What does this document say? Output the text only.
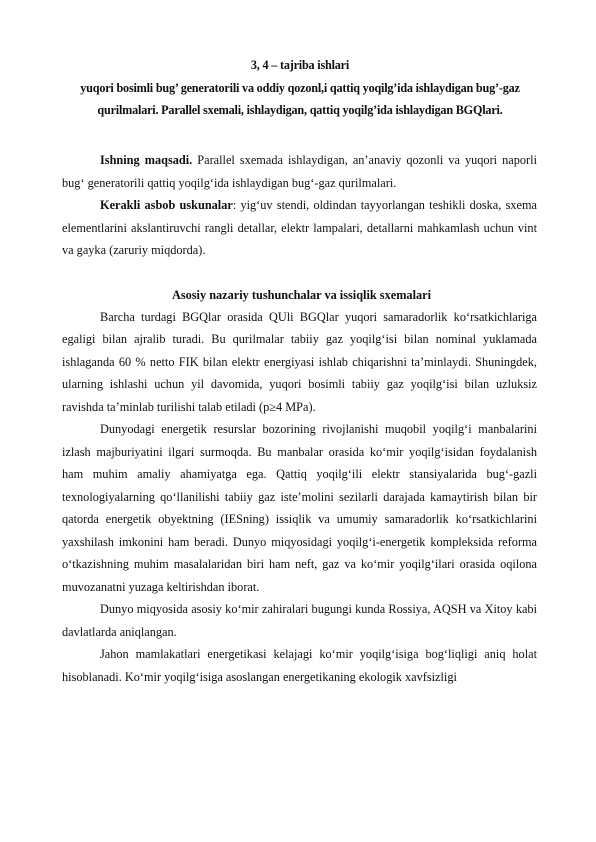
3, 4 – tajriba ishlari
yuqori bosimli bug’ generatorili va oddiy qozonl,i qattiq yoqilg’ida ishlaydigan bug’-gaz
qurilmalari. Parallel sxemali, ishlaydigan, qattiq yoqilg’ida ishlaydigan BGQlari.

Ishning maqsadi. Parallel sxemada ishlaydigan, an’anaviy qozonli va yuqori naporli bug‘ generatorili qattiq yoqilg‘ida ishlaydigan bug‘-gaz qurilmalari.

Kerakli asbob uskunalar: yig‘uv stendi, oldindan tayyorlangan teshikli doska, sxema elementlarini akslantiruvchi rangli detallar, elektr lampalari, detallarni mahkamlash uchun vint va gayka (zaruriy miqdorda).

Asosiy nazariy tushunchalar va issiqlik sxemalari

Barcha turdagi BGQlar orasida QUli BGQlar yuqori samaradorlik ko‘rsatkichlariga egaligi bilan ajralib turadi. Bu qurilmalar tabiiy gaz yoqilg‘isi bilan nominal yuklamada ishlaganda 60 % netto FIK bilan elektr energiyasi ishlab chiqarishni ta’minlaydi. Shuningdek, ularning ishlashi uchun yil davomida, yuqori bosimli tabiiy gaz yoqilg‘isi bilan uzluksiz ravishda ta’minlab turilishi talab etiladi (p≥4 MPa).

Dunyodagi energetik resurslar bozorining rivojlanishi muqobil yoqilg‘i manbalarini izlash majburiyatini ilgari surmoqda. Bu manbalar orasida ko‘mir yoqilg‘isidan foydalanish ham muhim amaliy ahamiyatga ega. Qattiq yoqilg‘ili elektr stansiyalarida bug‘-gazli texnologiyalarning qo‘llanilishi tabiiy gaz iste’molini sezilarli darajada kamaytirish bilan bir qatorda energetik obyektning (IESning) issiqlik va umumiy samaradorlik ko‘rsatkichlarini yaxshilash imkonini ham beradi. Dunyo miqyosidagi yoqilg‘i-energetik kompleksida reforma o‘tkazishning muhim masalalaridan biri ham neft, gaz va ko‘mir yoqilg‘ilari orasida oqilona muvozanatni yuzaga keltirishdan iborat.

Dunyo miqyosida asosiy ko‘mir zahiralari bugungi kunda Rossiya, AQSH va Xitoy kabi davlatlarda aniqlangan.

Jahon mamlakatlari energetikasi kelajagi ko‘mir yoqilg‘isiga bog‘liqligi aniq holat hisoblanadi. Ko‘mir yoqilg‘isiga asoslangan energetikaning ekologik xavfsizligi
